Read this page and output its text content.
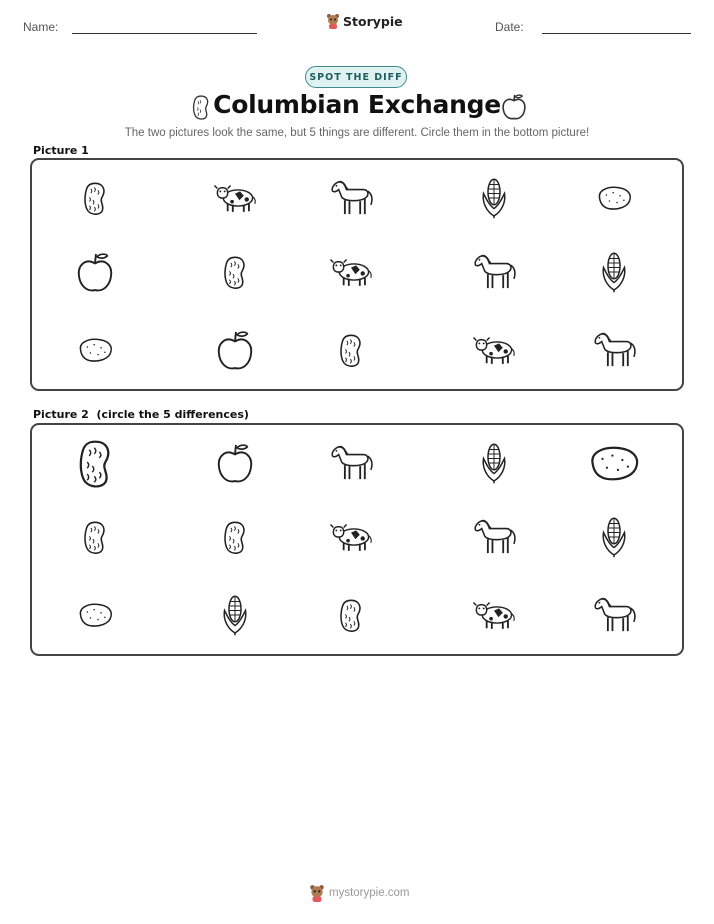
Name:	Storypie	Date:
SPOT THE DIFF
Columbian Exchange
The two pictures look the same, but 5 things are different. Circle them in the bottom picture!
Picture 1
Picture 2  (circle the 5 differences)
mystorypie.com
